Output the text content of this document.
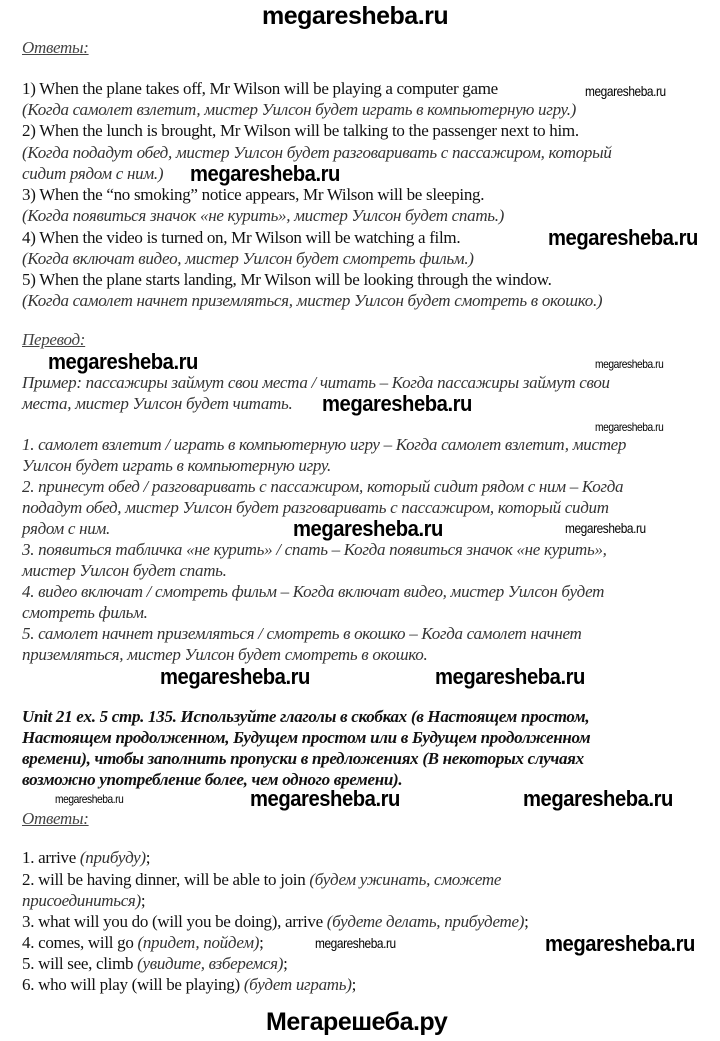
megaresheba.ru
Ответы:
1) When the plane takes off, Mr Wilson will be playing a computer game
(Когда самолет взлетит, мистер Уилсон будет играть в компьютерную игру.)
2) When the lunch is brought, Mr Wilson will be talking to the passenger next to him.
(Когда подадут обед, мистер Уилсон будет разговаривать с пассажиром, который
сидит рядом с ним.)
3) When the “no smoking” notice appears, Mr Wilson will be sleeping.
(Когда появиться значок «не курить», мистер Уилсон будет спать.)
4) When the video is turned on, Mr Wilson will be watching a film.
(Когда включат видео, мистер Уилсон будет смотреть фильм.)
5) When the plane starts landing, Mr Wilson will be looking through the window.
(Когда самолет начнет приземляться, мистер Уилсон будет смотреть в окошко.)
Перевод:
Пример: пассажиры займут свои места / читать – Когда пассажиры займут свои
места, мистер Уилсон будет читать.
1. самолет взлетит / играть в компьютерную игру – Когда самолет взлетит, мистер
Уилсон будет играть в компьютерную игру.
2. принесут обед / разговаривать с пассажиром, который сидит рядом с ним – Когда
подадут обед, мистер Уилсон будет разговаривать с пассажиром, который сидит
рядом с ним.
3. появиться табличка «не курить» / спать – Когда появиться значок «не курить»,
мистер Уилсон будет спать.
4. видео включат / смотреть фильм – Когда включат видео, мистер Уилсон будет
смотреть фильм.
5. самолет начнет приземляться / смотреть в окошко – Когда самолет начнет
приземляться, мистер Уилсон будет смотреть в окошко.
Unit 21 ex. 5 стр. 135. Используйте глаголы в скобках (в Настоящем простом,
Настоящем продолженном, Будущем простом или в Будущем продолженном
времени), чтобы заполнить пропуски в предложениях (В некоторых случаях
возможно употребление более, чем одного времени).
Ответы:
1. arrive (прибуду);
2. will be having dinner, will be able to join (будем ужинать, сможете
присоединиться);
3. what will you do (will you be doing), arrive (будете делать, прибудете);
4. comes, will go (придет, пойдем);
5. will see, climb (увидите, взберемся);
6. who will play (will be playing) (будет играть);
megaresheba.ru
megaresheba.ru
megaresheba.ru
megaresheba.ru	megaresheba.ru
megaresheba.ru
megaresheba.ru
megaresheba.ru	megaresheba.ru
megaresheba.ru	megaresheba.ru
megaresheba.ru	megaresheba.ru	megaresheba.ru
megaresheba.ru	megaresheba.ru
Мегарешеба.ру
